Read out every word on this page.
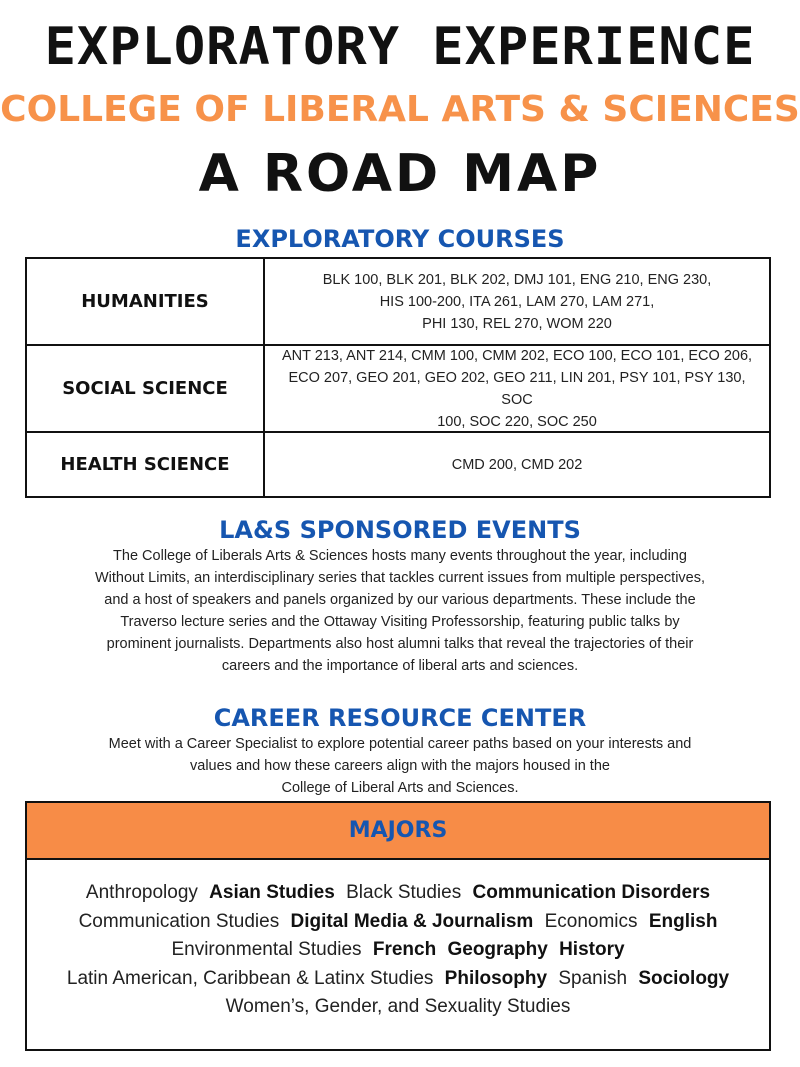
EXPLORATORY EXPERIENCE
COLLEGE OF LIBERAL ARTS & SCIENCES
A ROAD MAP
EXPLORATORY COURSES
HUMANITIES
BLK 100, BLK 201, BLK 202, DMJ 101, ENG 210, ENG 230,
HIS 100-200, ITA 261, LAM 270, LAM 271,
PHI 130, REL 270, WOM 220
SOCIAL SCIENCE
ANT 213, ANT 214, CMM 100, CMM 202, ECO 100, ECO 101, ECO 206,
ECO 207, GEO 201, GEO 202, GEO 211, LIN 201, PSY 101, PSY 130, SOC
100, SOC 220, SOC 250
HEALTH SCIENCE	CMD 200, CMD 202
LA&S SPONSORED EVENTS
The College of Liberals Arts & Sciences hosts many events throughout the year, including
Without Limits, an interdisciplinary series that tackles current issues from multiple perspectives,
and a host of speakers and panels organized by our various departments. These include the
Traverso lecture series and the Ottaway Visiting Professorship, featuring public talks by
prominent journalists. Departments also host alumni talks that reveal the trajectories of their
careers and the importance of liberal arts and sciences.
CAREER RESOURCE CENTER
Meet with a Career Specialist to explore potential career paths based on your interests and
values and how these careers align with the majors housed in the
College of Liberal Arts and Sciences.
MAJORS
Anthropology Asian Studies Black Studies Communication Disorders
Communication Studies Digital Media & Journalism Economics English
Environmental Studies French Geography History
Latin American, Caribbean & Latinx Studies Philosophy Spanish Sociology
Women’s, Gender, and Sexuality Studies
